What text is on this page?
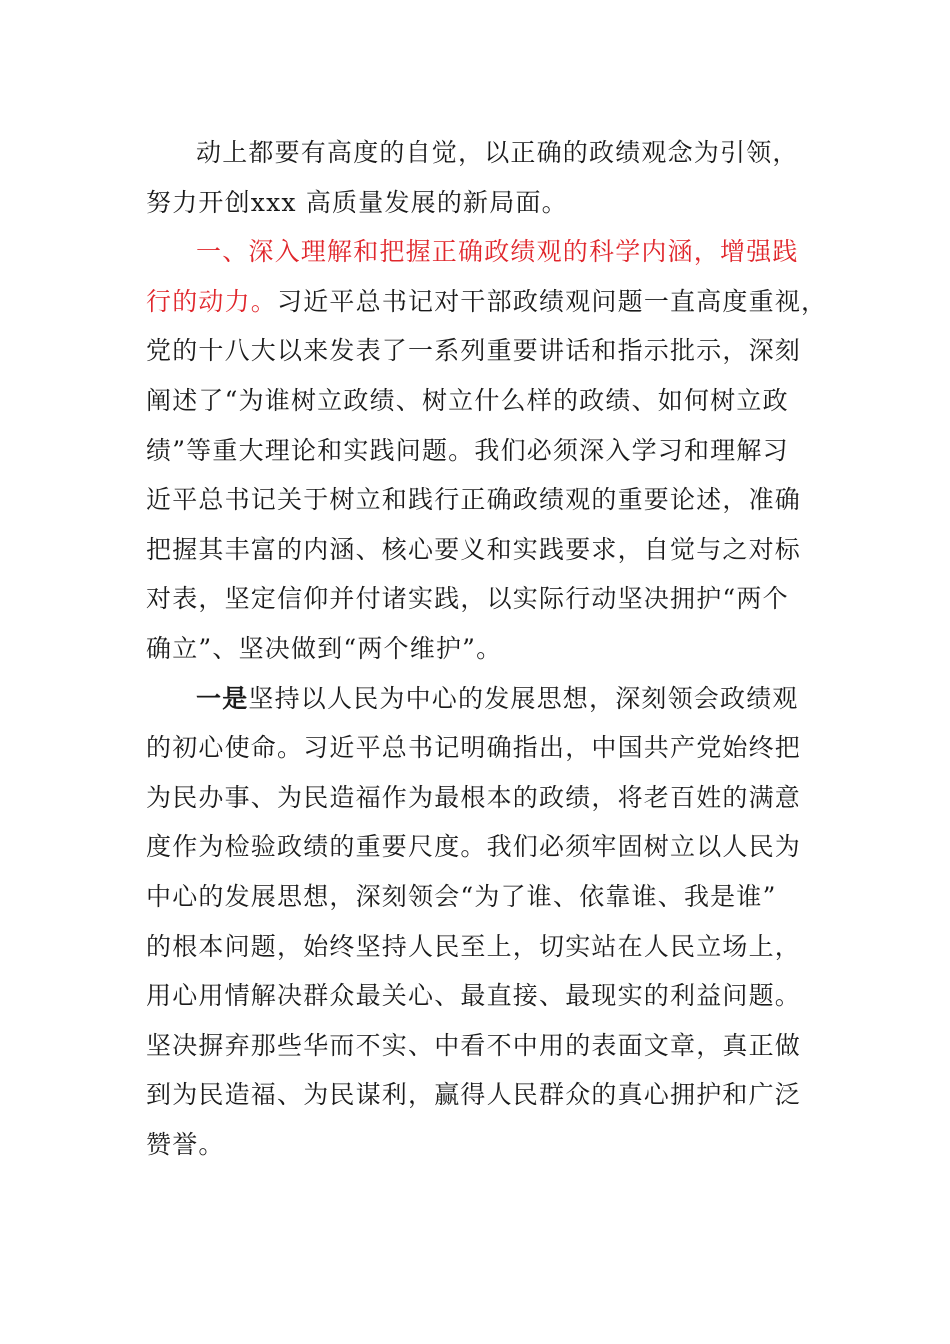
动上都要有高度的自觉，以正确的政绩观念为引领，
努力开创xxx 高质量发展的新局面。
一、深入理解和把握正确政绩观的科学内涵，增强践
行的动力。习近平总书记对干部政绩观问题一直高度重视，
党的十八大以来发表了一系列重要讲话和指示批示，深刻
阐述了“为谁树立政绩、树立什么样的政绩、如何树立政
绩”等重大理论和实践问题。我们必须深入学习和理解习
近平总书记关于树立和践行正确政绩观的重要论述，准确
把握其丰富的内涵、核心要义和实践要求，自觉与之对标
对表，坚定信仰并付诸实践，以实际行动坚决拥护“两个
确立”、坚决做到“两个维护”。
一是坚持以人民为中心的发展思想，深刻领会政绩观
的初心使命。习近平总书记明确指出，中国共产党始终把
为民办事、为民造福作为最根本的政绩，将老百姓的满意
度作为检验政绩的重要尺度。我们必须牢固树立以人民为
中心的发展思想，深刻领会“为了谁、依靠谁、我是谁”
的根本问题，始终坚持人民至上，切实站在人民立场上，
用心用情解决群众最关心、最直接、最现实的利益问题。
坚决摒弃那些华而不实、中看不中用的表面文章，真正做
到为民造福、为民谋利，赢得人民群众的真心拥护和广泛
赞誉。
